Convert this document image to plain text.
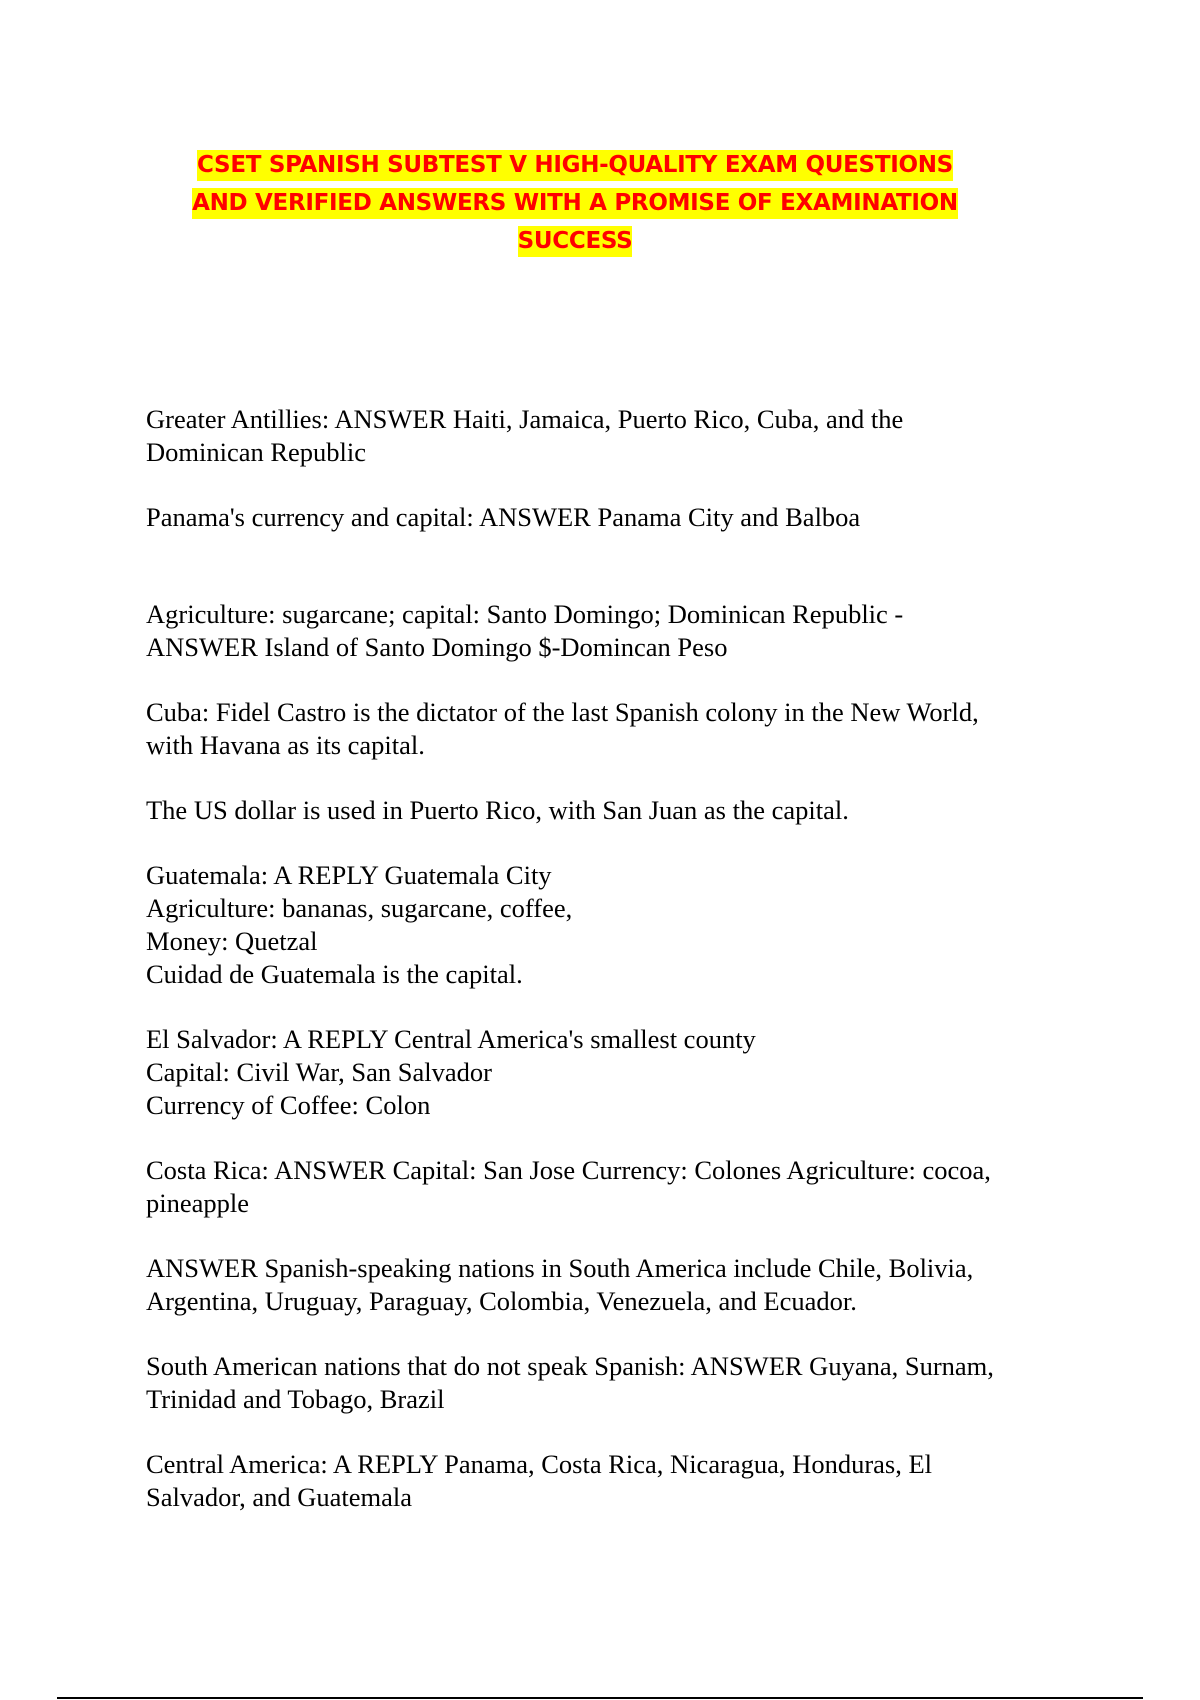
CSET SPANISH SUBTEST V HIGH-QUALITY EXAM QUESTIONS
AND VERIFIED ANSWERS WITH A PROMISE OF EXAMINATION
SUCCESS

Greater Antillies: ANSWER Haiti, Jamaica, Puerto Rico, Cuba, and the
Dominican Republic

Panama's currency and capital: ANSWER Panama City and Balboa

Agriculture: sugarcane; capital: Santo Domingo; Dominican Republic -
ANSWER Island of Santo Domingo $-Domincan Peso

Cuba: Fidel Castro is the dictator of the last Spanish colony in the New World,
with Havana as its capital.

The US dollar is used in Puerto Rico, with San Juan as the capital.

Guatemala: A REPLY Guatemala City
Agriculture: bananas, sugarcane, coffee,
Money: Quetzal
Cuidad de Guatemala is the capital.

El Salvador: A REPLY Central America's smallest county
Capital: Civil War, San Salvador
Currency of Coffee: Colon

Costa Rica: ANSWER Capital: San Jose Currency: Colones Agriculture: cocoa,
pineapple

ANSWER Spanish-speaking nations in South America include Chile, Bolivia,
Argentina, Uruguay, Paraguay, Colombia, Venezuela, and Ecuador.

South American nations that do not speak Spanish: ANSWER Guyana, Surnam,
Trinidad and Tobago, Brazil

Central America: A REPLY Panama, Costa Rica, Nicaragua, Honduras, El
Salvador, and Guatemala
